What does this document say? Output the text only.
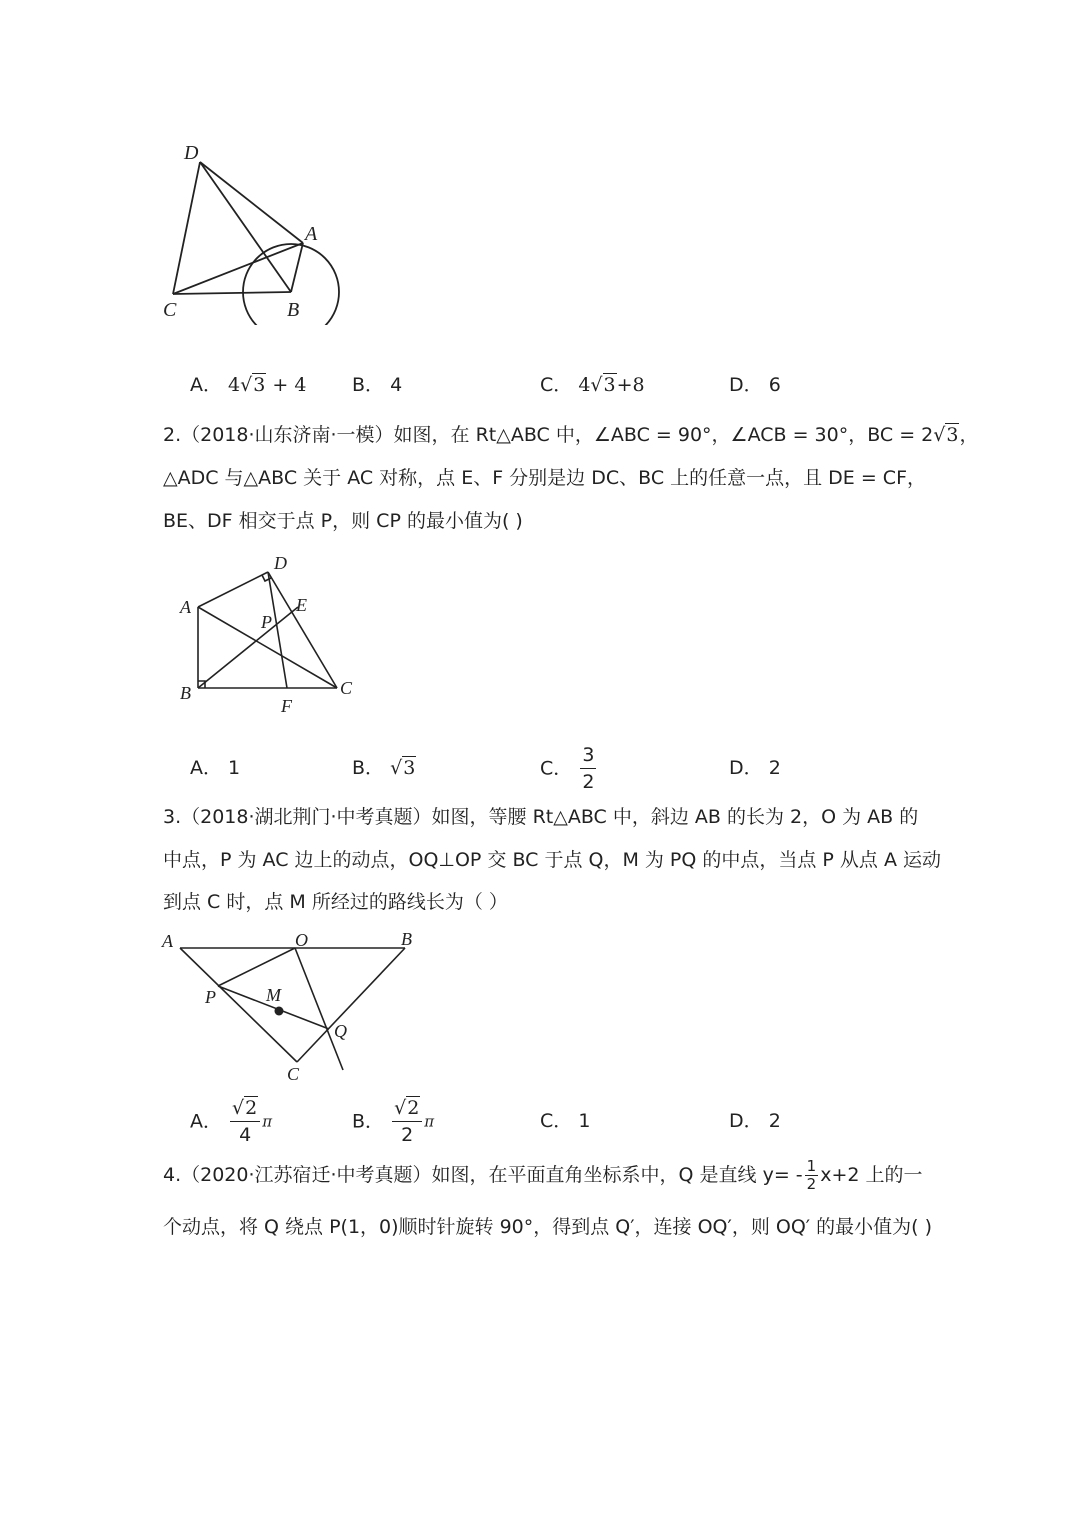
D
A
C	B
A． 4√3 + 4 B． 4	C． 4√3+8	D． 6
2.（2018·山东济南·一模）如图，在 Rt△ABC 中，∠ABC = 90°，∠ACB = 30°，BC = 2√3，
△ADC 与△ABC 关于 AC 对称，点 E、F 分别是边 DC、BC 上的任意一点，且 DE = CF，
BE、DF 相交于点 P，则 CP 的最小值为( )
D
A	E
P
B	C
F
A． 1	B． √3	C． $\frac{3}{2}$	D． 2
3.（2018·湖北荆门·中考真题）如图，等腰 Rt△ABC 中，斜边 AB 的长为 2，O 为 AB 的
中点，P 为 AC 边上的动点，OQ⊥OP 交 BC 于点 Q，M 为 PQ 的中点，当点 P 从点 A 运动
到点 C 时，点 M 所经过的路线长为（ ）
A	O	B
P	M
Q
C
A． $\frac{√2}{4}$ π	B． $\frac{√2}{2}$ π	C． 1	D． 2
4.（2020·江苏宿迁·中考真题）如图，在平面直角坐标系中，Q 是直线 $y= - \frac{1}{2} x+2$ 上的一
个动点，将 Q 绕点 P(1，0)顺时针旋转 90°，得到点 Q′，连接 OQ′，则 OQ′ 的最小值为( )
